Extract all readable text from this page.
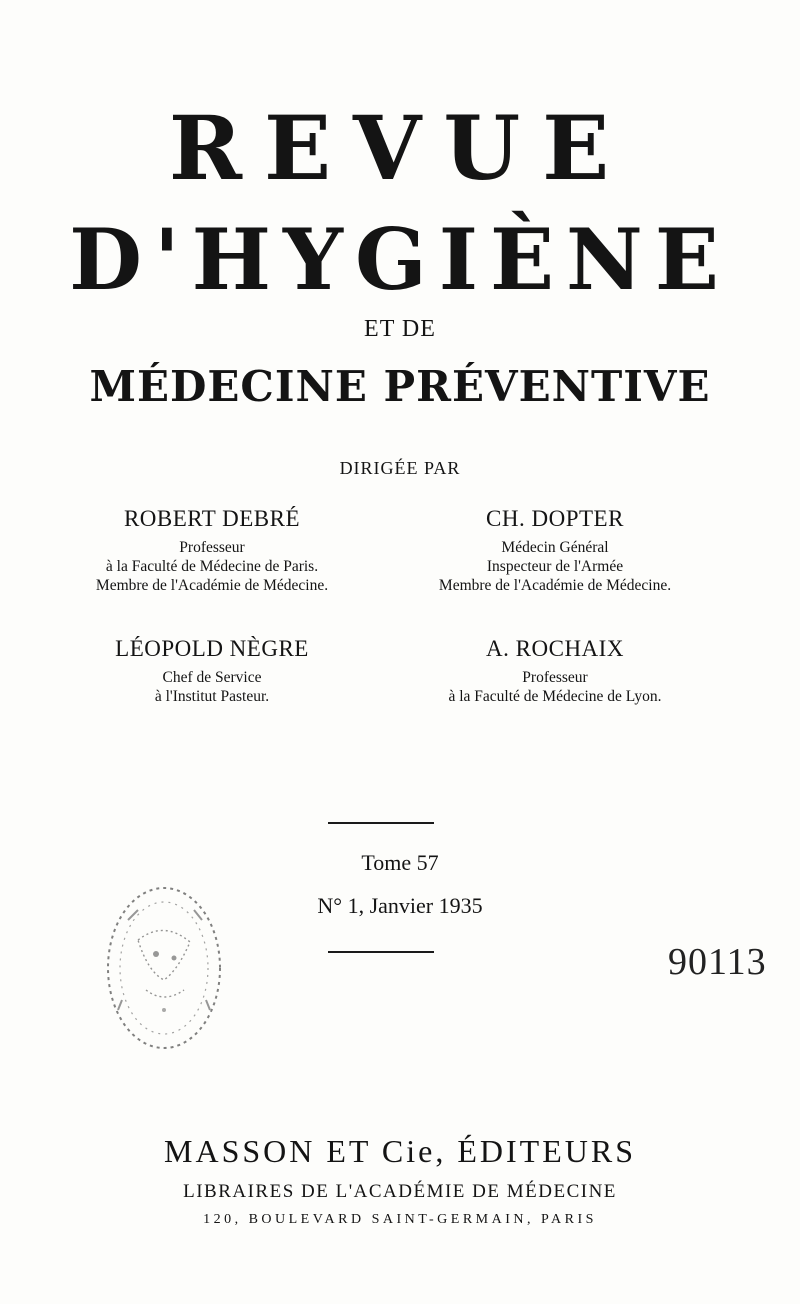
REVUE
D'HYGIÈNE
ET DE
MÉDECINE PRÉVENTIVE
DIRIGÉE PAR
ROBERT DEBRÉ
Professeur
à la Faculté de Médecine de Paris.
Membre de l'Académie de Médecine.
CH. DOPTER
Médecin Général
Inspecteur de l'Armée
Membre de l'Académie de Médecine.
LÉOPOLD NÈGRE
Chef de Service
à l'Institut Pasteur.
A. ROCHAIX
Professeur
à la Faculté de Médecine de Lyon.
Tome 57
N° 1, Janvier 1935
90113
MASSON ET Cie, ÉDITEURS
LIBRAIRES DE L'ACADÉMIE DE MÉDECINE
120, BOULEVARD SAINT-GERMAIN, PARIS
